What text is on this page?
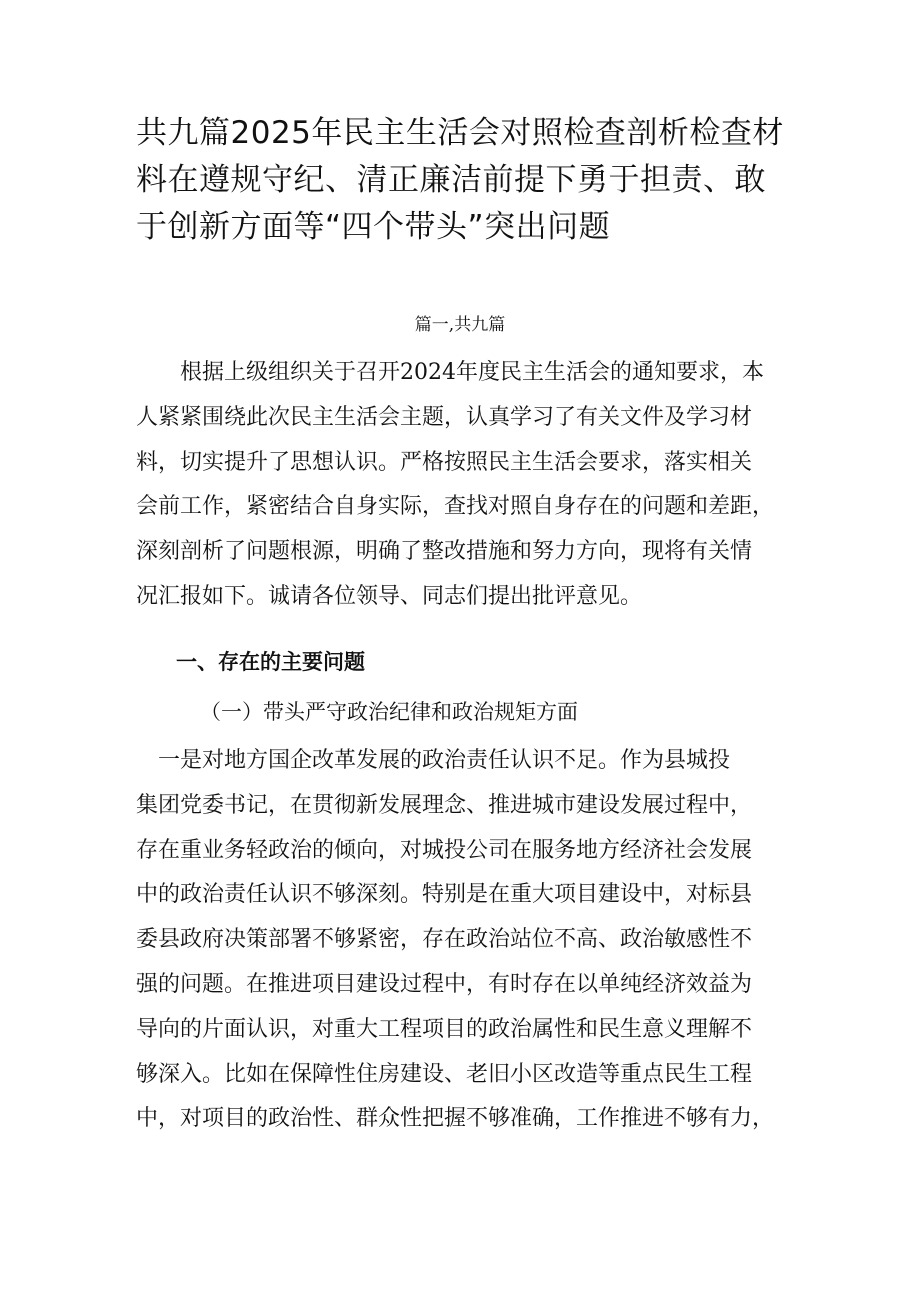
共九篇2025年民主生活会对照检查剖析检查材
料在遵规守纪、清正廉洁前提下勇于担责、敢
于创新方面等“四个带头”突出问题
篇一,共九篇
　　根据上级组织关于召开2024年度民主生活会的通知要求，本
人紧紧围绕此次民主生活会主题，认真学习了有关文件及学习材
料，切实提升了思想认识。严格按照民主生活会要求，落实相关
会前工作，紧密结合自身实际，查找对照自身存在的问题和差距，
深刻剖析了问题根源，明确了整改措施和努力方向，现将有关情
况汇报如下。诚请各位领导、同志们提出批评意见。
一、存在的主要问题
（一）带头严守政治纪律和政治规矩方面
　一是对地方国企改革发展的政治责任认识不足。作为县城投
集团党委书记，在贯彻新发展理念、推进城市建设发展过程中，
存在重业务轻政治的倾向，对城投公司在服务地方经济社会发展
中的政治责任认识不够深刻。特别是在重大项目建设中，对标县
委县政府决策部署不够紧密，存在政治站位不高、政治敏感性不
强的问题。在推进项目建设过程中，有时存在以单纯经济效益为
导向的片面认识，对重大工程项目的政治属性和民生意义理解不
够深入。比如在保障性住房建设、老旧小区改造等重点民生工程
中，对项目的政治性、群众性把握不够准确，工作推进不够有力，
